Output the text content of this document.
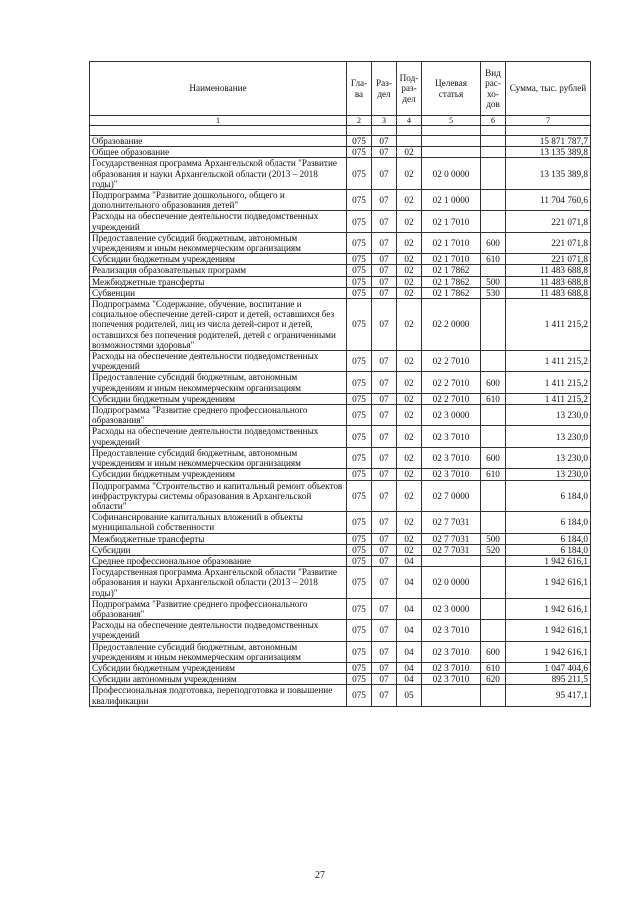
Наименование	Гла-ва	Раз-дел	Под-раз-дел	Целевая статья	Вид рас-хо-дов	Сумма, тыс. рублей
1	2	3	4	5	6	7

Образование	075	07				15 871 787,7
Общее образование	075	07	02			13 135 389,8
Государственная программа Архангельской области "Развитие образования и науки Архангельской области (2013 – 2018 годы)"	075	07	02	02 0 0000		13 135 389,8
Подпрограмма "Развитие дошкольного, общего и дополнительного образования детей"	075	07	02	02 1 0000		11 704 760,6
Расходы на обеспечение деятельности подведомственных учреждений	075	07	02	02 1 7010		221 071,8
Предоставление субсидий бюджетным, автономным учреждениям и иным некоммерческим организациям	075	07	02	02 1 7010	600	221 071,8
Субсидии бюджетным учреждениям	075	07	02	02 1 7010	610	221 071,8
Реализация образовательных программ	075	07	02	02 1 7862		11 483 688,8
Межбюджетные трансферты	075	07	02	02 1 7862	500	11 483 688,8
Субвенции	075	07	02	02 1 7862	530	11 483 688,8
Подпрограмма "Содержание, обучение, воспитание и социальное обеспечение детей-сирот и детей, оставшихся без попечения родителей, лиц из числа детей-сирот и детей, оставшихся без попечения родителей, детей с ограниченными возможностями здоровья"	075	07	02	02 2 0000		1 411 215,2
Расходы на обеспечение деятельности подведомственных учреждений	075	07	02	02 2 7010		1 411 215,2
Предоставление субсидий бюджетным, автономным учреждениям и иным некоммерческим организациям	075	07	02	02 2 7010	600	1 411 215,2
Субсидии бюджетным учреждениям	075	07	02	02 2 7010	610	1 411 215,2
Подпрограмма "Развитие среднего профессионального образования"	075	07	02	02 3 0000		13 230,0
Расходы на обеспечение деятельности подведомственных учреждений	075	07	02	02 3 7010		13 230,0
Предоставление субсидий бюджетным, автономным учреждениям и иным некоммерческим организациям	075	07	02	02 3 7010	600	13 230,0
Субсидии бюджетным учреждениям	075	07	02	02 3 7010	610	13 230,0
Подпрограмма "Строительство и капитальный ремонт объектов инфраструктуры системы образования в Архангельской области"	075	07	02	02 7 0000		6 184,0
Софинансирование капитальных вложений в объекты муниципальной собственности	075	07	02	02 7 7031		6 184,0
Межбюджетные трансферты	075	07	02	02 7 7031	500	6 184,0
Субсидии	075	07	02	02 7 7031	520	6 184,0
Среднее профессиональное образование	075	07	04			1 942 616,1
Государственная программа Архангельской области "Развитие образования и науки Архангельской области (2013 – 2018 годы)"	075	07	04	02 0 0000		1 942 616,1
Подпрограмма "Развитие среднего профессионального образования"	075	07	04	02 3 0000		1 942 616,1
Расходы на обеспечение деятельности подведомственных учреждений	075	07	04	02 3 7010		1 942 616,1
Предоставление субсидий бюджетным, автономным учреждениям и иным некоммерческим организациям	075	07	04	02 3 7010	600	1 942 616,1
Субсидии бюджетным учреждениям	075	07	04	02 3 7010	610	1 047 404,6
Субсидии автономным учреждениям	075	07	04	02 3 7010	620	895 211,5
Профессиональная подготовка, переподготовка и повышение квалификации	075	07	05			95 417,1
27
